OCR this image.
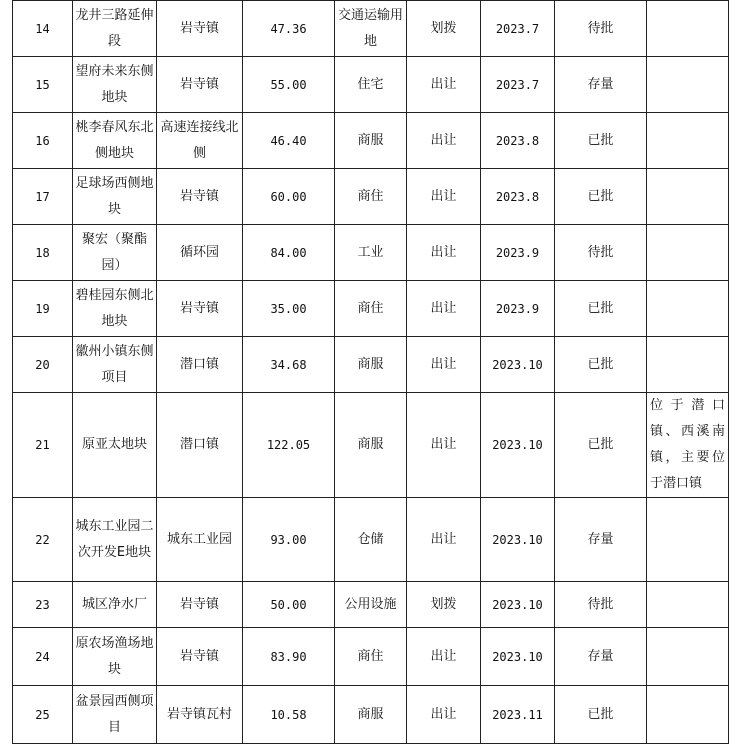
14	龙井三路延伸段	岩寺镇	47.36	交通运输用地	划拨	2023.7	待批	
15	望府未来东侧地块	岩寺镇	55.00	住宅	出让	2023.7	存量	
16	桃李春风东北侧地块	高速连接线北侧	46.40	商服	出让	2023.8	已批	
17	足球场西侧地块	岩寺镇	60.00	商住	出让	2023.8	已批	
18	聚宏（聚酯园）	循环园	84.00	工业	出让	2023.9	待批	
19	碧桂园东侧北地块	岩寺镇	35.00	商住	出让	2023.9	已批	
20	徽州小镇东侧项目	潜口镇	34.68	商服	出让	2023.10	已批	
21	原亚太地块	潜口镇	122.05	商服	出让	2023.10	已批	位于潜口镇、西溪南镇，主要位于潜口镇
22	城东工业园二次开发E地块	城东工业园	93.00	仓储	出让	2023.10	存量	
23	城区净水厂	岩寺镇	50.00	公用设施	划拨	2023.10	待批	
24	原农场渔场地块	岩寺镇	83.90	商住	出让	2023.10	存量	
25	盆景园西侧项目	岩寺镇瓦村	10.58	商服	出让	2023.11	已批	
